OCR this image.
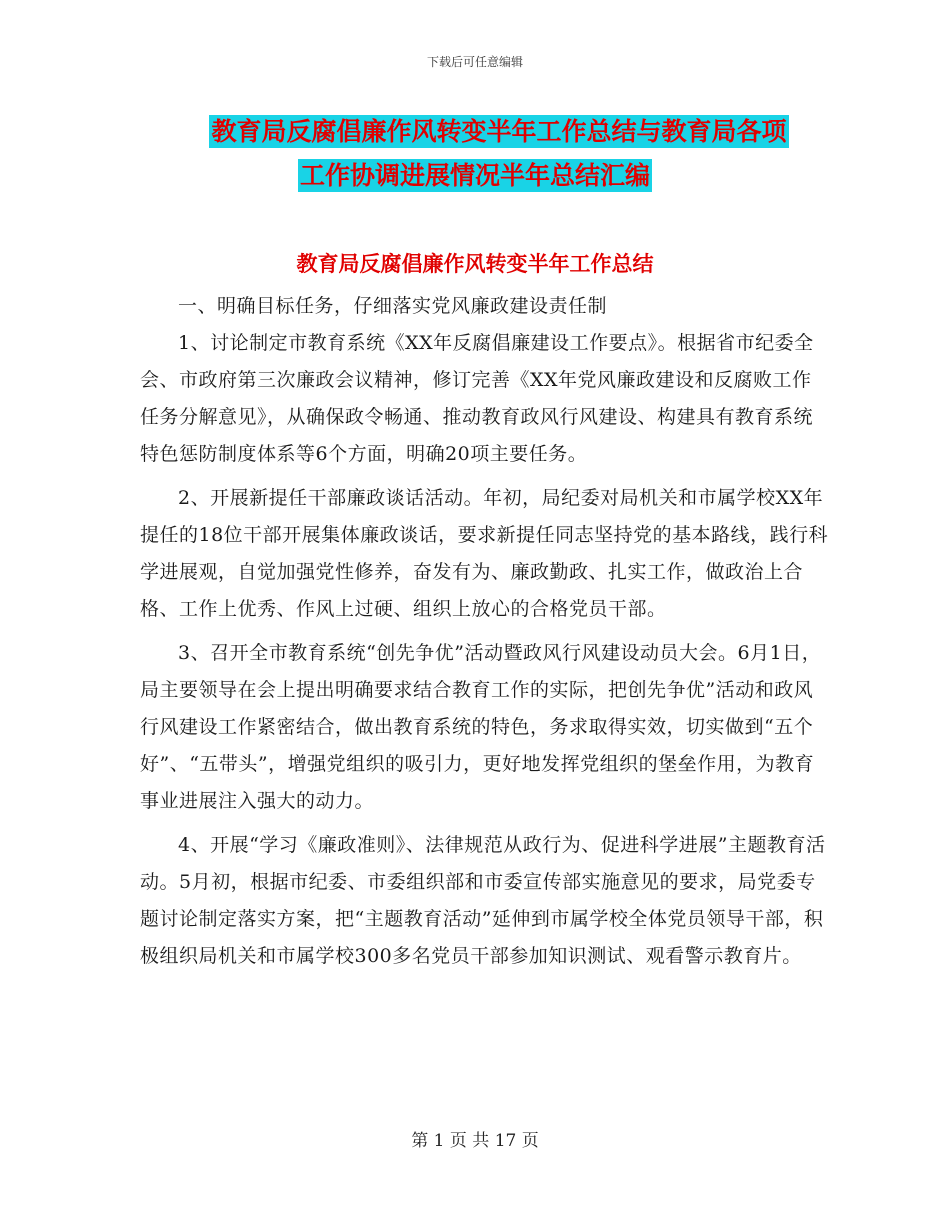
下载后可任意编辑
教育局反腐倡廉作风转变半年工作总结与教育局各项
工作协调进展情况半年总结汇编
教育局反腐倡廉作风转变半年工作总结

一、明确目标任务，仔细落实党风廉政建设责任制

1、讨论制定市教育系统《XX年反腐倡廉建设工作要点》。根据省市纪委全会、市政府第三次廉政会议精神，修订完善《XX年党风廉政建设和反腐败工作任务分解意见》，从确保政令畅通、推动教育政风行风建设、构建具有教育系统特色惩防制度体系等6个方面，明确20项主要任务。

2、开展新提任干部廉政谈话活动。年初，局纪委对局机关和市属学校XX年提任的18位干部开展集体廉政谈话，要求新提任同志坚持党的基本路线，践行科学进展观，自觉加强党性修养，奋发有为、廉政勤政、扎实工作，做政治上合格、工作上优秀、作风上过硬、组织上放心的合格党员干部。

3、召开全市教育系统“创先争优”活动暨政风行风建设动员大会。6月1日，局主要领导在会上提出明确要求结合教育工作的实际，把创先争优”活动和政风行风建设工作紧密结合，做出教育系统的特色，务求取得实效，切实做到“五个好”、“五带头”，增强党组织的吸引力，更好地发挥党组织的堡垒作用，为教育事业进展注入强大的动力。

4、开展“学习《廉政准则》、法律规范从政行为、促进科学进展”主题教育活动。5月初，根据市纪委、市委组织部和市委宣传部实施意见的要求，局党委专题讨论制定落实方案，把“主题教育活动”延伸到市属学校全体党员领导干部，积极组织局机关和市属学校300多名党员干部参加知识测试、观看警示教育片。

第 1 页 共 17 页
